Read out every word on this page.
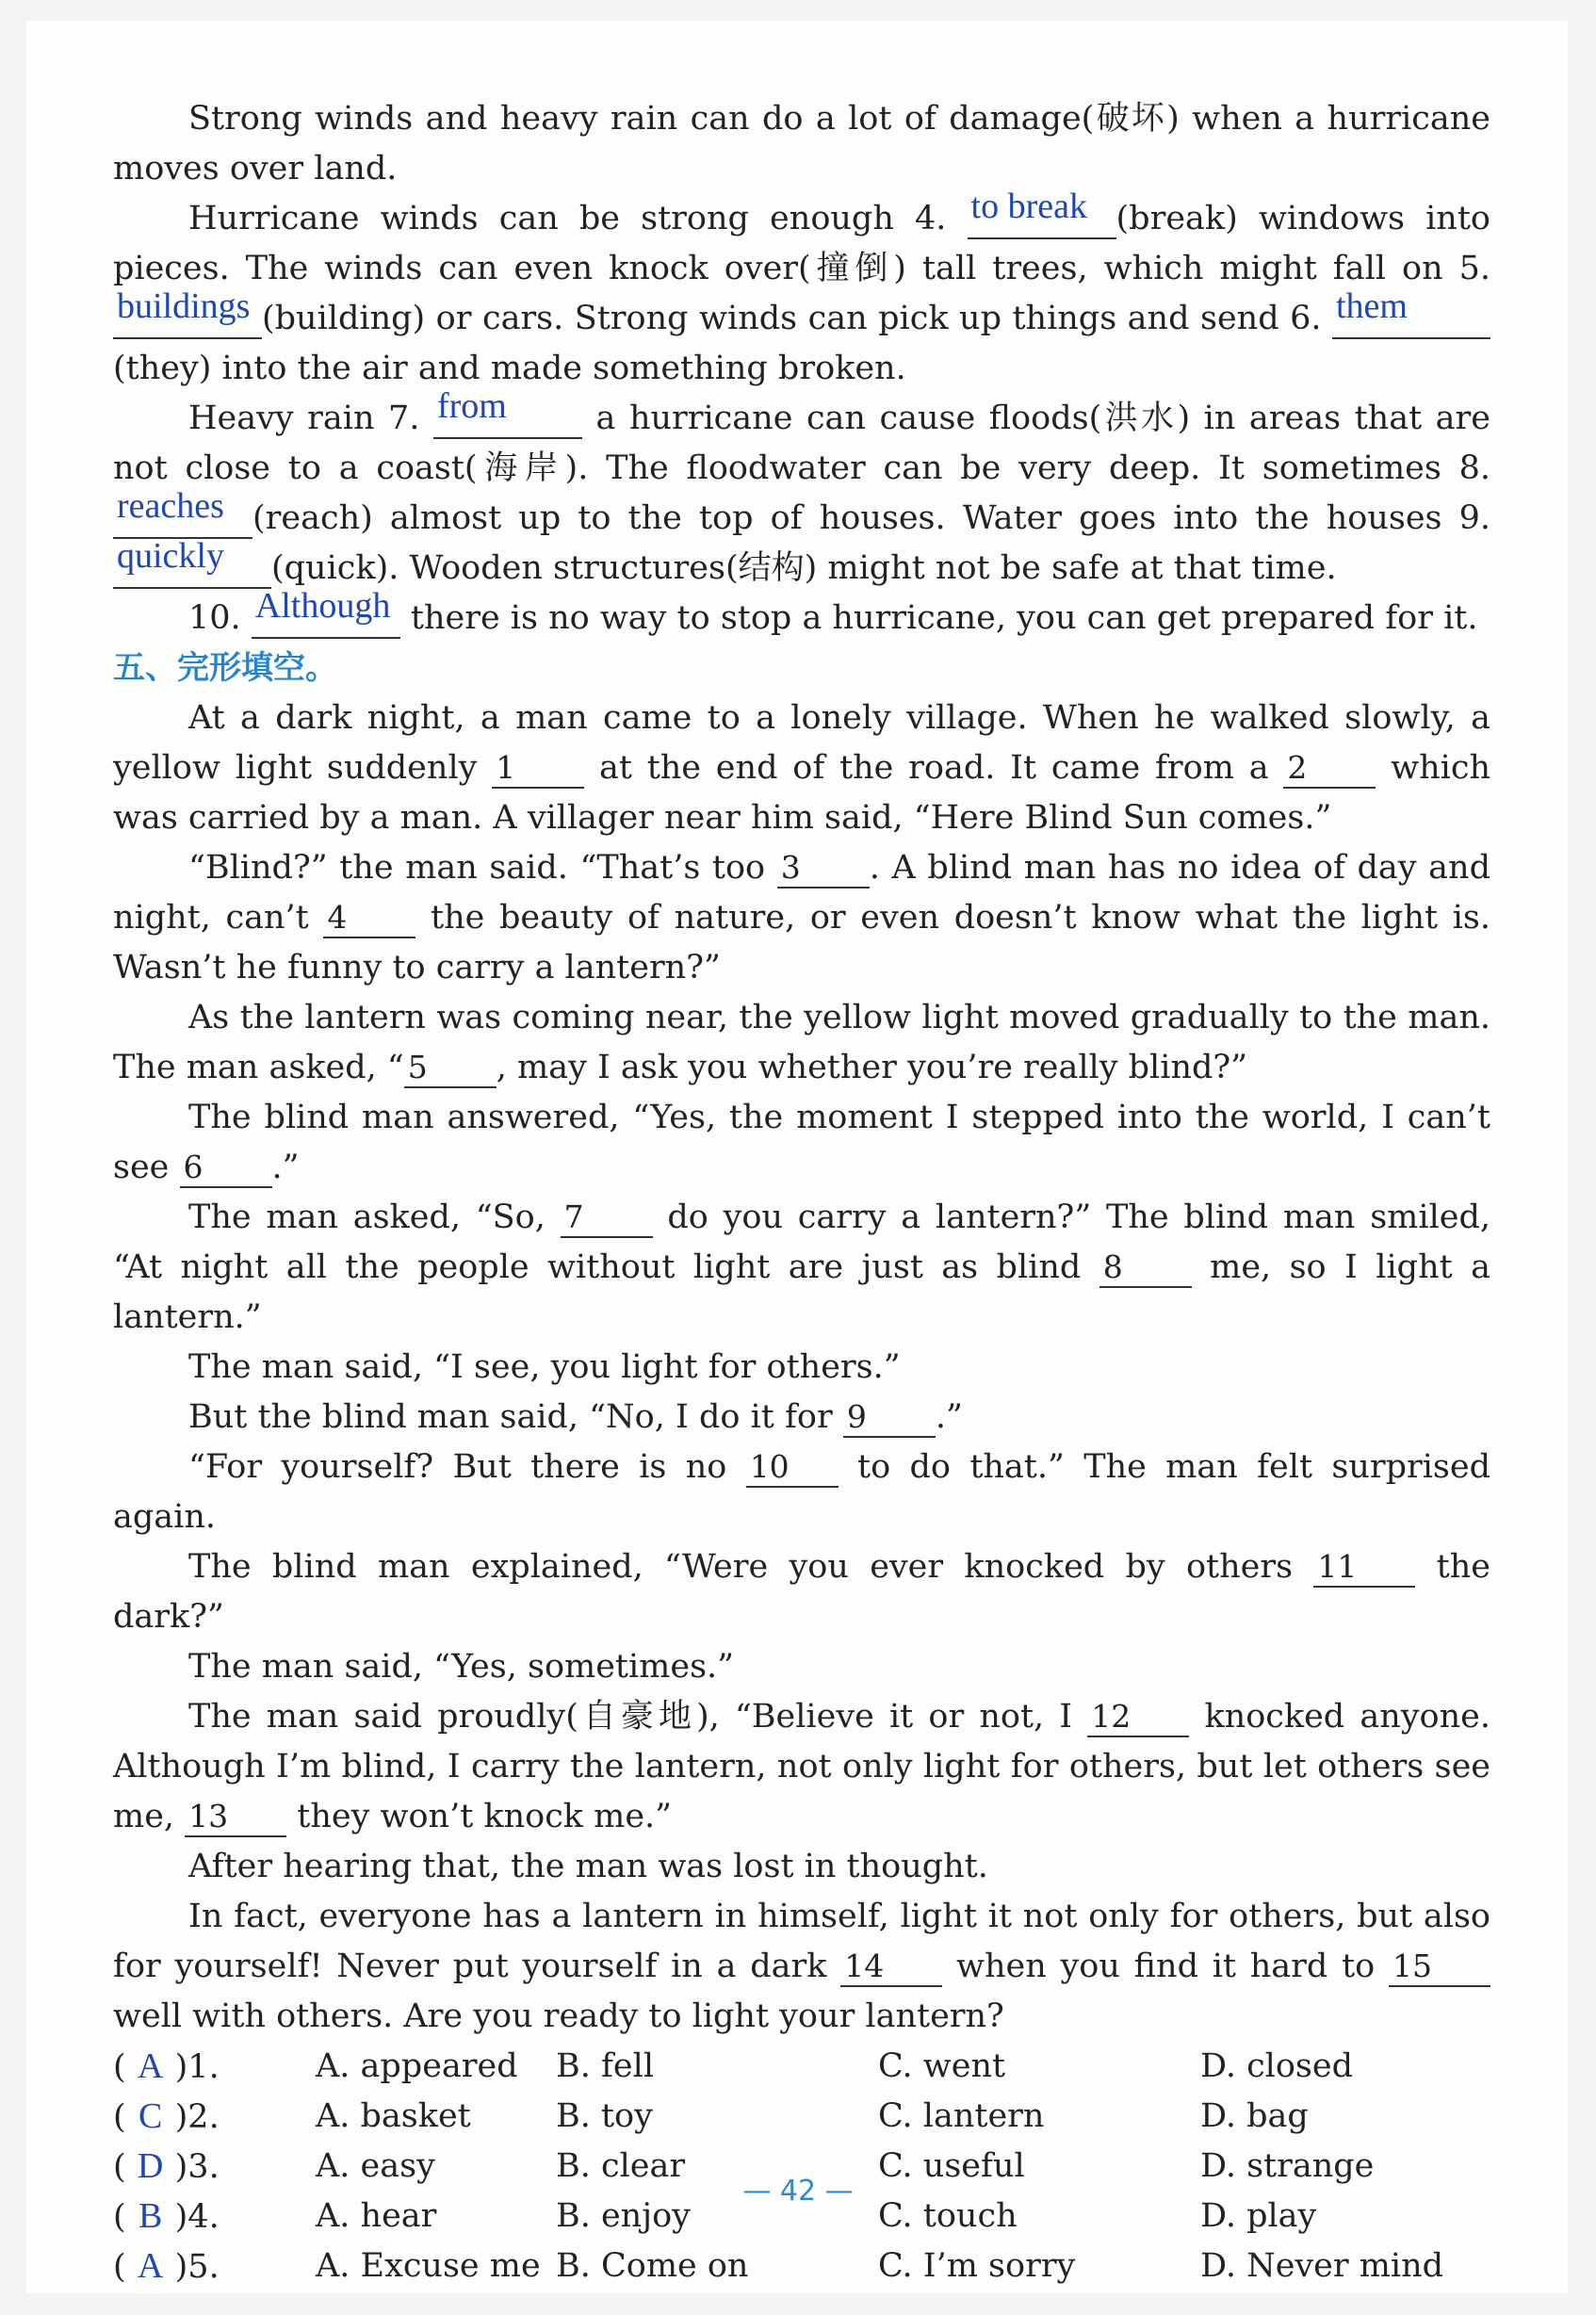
Strong winds and heavy rain can do a lot of damage(破坏) when a hurricane moves over land.

Hurricane winds can be strong enough 4. to break (break) windows into pieces. The winds can even knock over(撞倒) tall trees, which might fall on 5. buildings (building) or cars. Strong winds can pick up things and send 6. them(they) into the air and made something broken.

Heavy rain 7. from a hurricane can cause floods(洪水) in areas that are not close to a coast(海岸). The floodwater can be very deep. It sometimes 8. reaches (reach) almost up to the top of houses. Water goes into the houses 9. quickly (quick). Wooden structures(结构) might not be safe at that time.

10. Although there is no way to stop a hurricane, you can get prepared for it.

五、完形填空。

At a dark night, a man came to a lonely village. When he walked slowly, a yellow light suddenly 1 at the end of the road. It came from a 2 which was carried by a man. A villager near him said, “Here Blind Sun comes.”

“Blind?” the man said. “That’s too 3 . A blind man has no idea of day and night, can’t 4 the beauty of nature, or even doesn’t know what the light is. Wasn’t he funny to carry a lantern?”

As the lantern was coming near, the yellow light moved gradually to the man. The man asked, “ 5 , may I ask you whether you’re really blind?”

The blind man answered, “Yes, the moment I stepped into the world, I can’t see 6 .”

The man asked, “So, 7 do you carry a lantern?” The blind man smiled, “At night all the people without light are just as blind 8 me, so I light a lantern.”

The man said, “I see, you light for others.”

But the blind man said, “No, I do it for 9 .”

“For yourself? But there is no 10 to do that.” The man felt surprised again.

The blind man explained, “Were you ever knocked by others 11 the dark?”

The man said, “Yes, sometimes.”

The man said proudly(自豪地), “Believe it or not, I 12 knocked anyone. Although I’m blind, I carry the lantern, not only light for others, but let others see me, 13 they won’t knock me.”

After hearing that, the man was lost in thought.

In fact, everyone has a lantern in himself, light it not only for others, but also for yourself! Never put yourself in a dark 14 when you find it hard to 15 well with others. Are you ready to light your lantern?

( A )1.	A. appeared	B. fell	C. went	D. closed
( C )2.	A. basket	B. toy	C. lantern	D. bag
( D )3.	A. easy	B. clear	C. useful	D. strange
( B )4.	A. hear	B. enjoy	C. touch	D. play
( A )5.	A. Excuse me B. Come on	C. I’m sorry	D. Never mind
— 42 —
